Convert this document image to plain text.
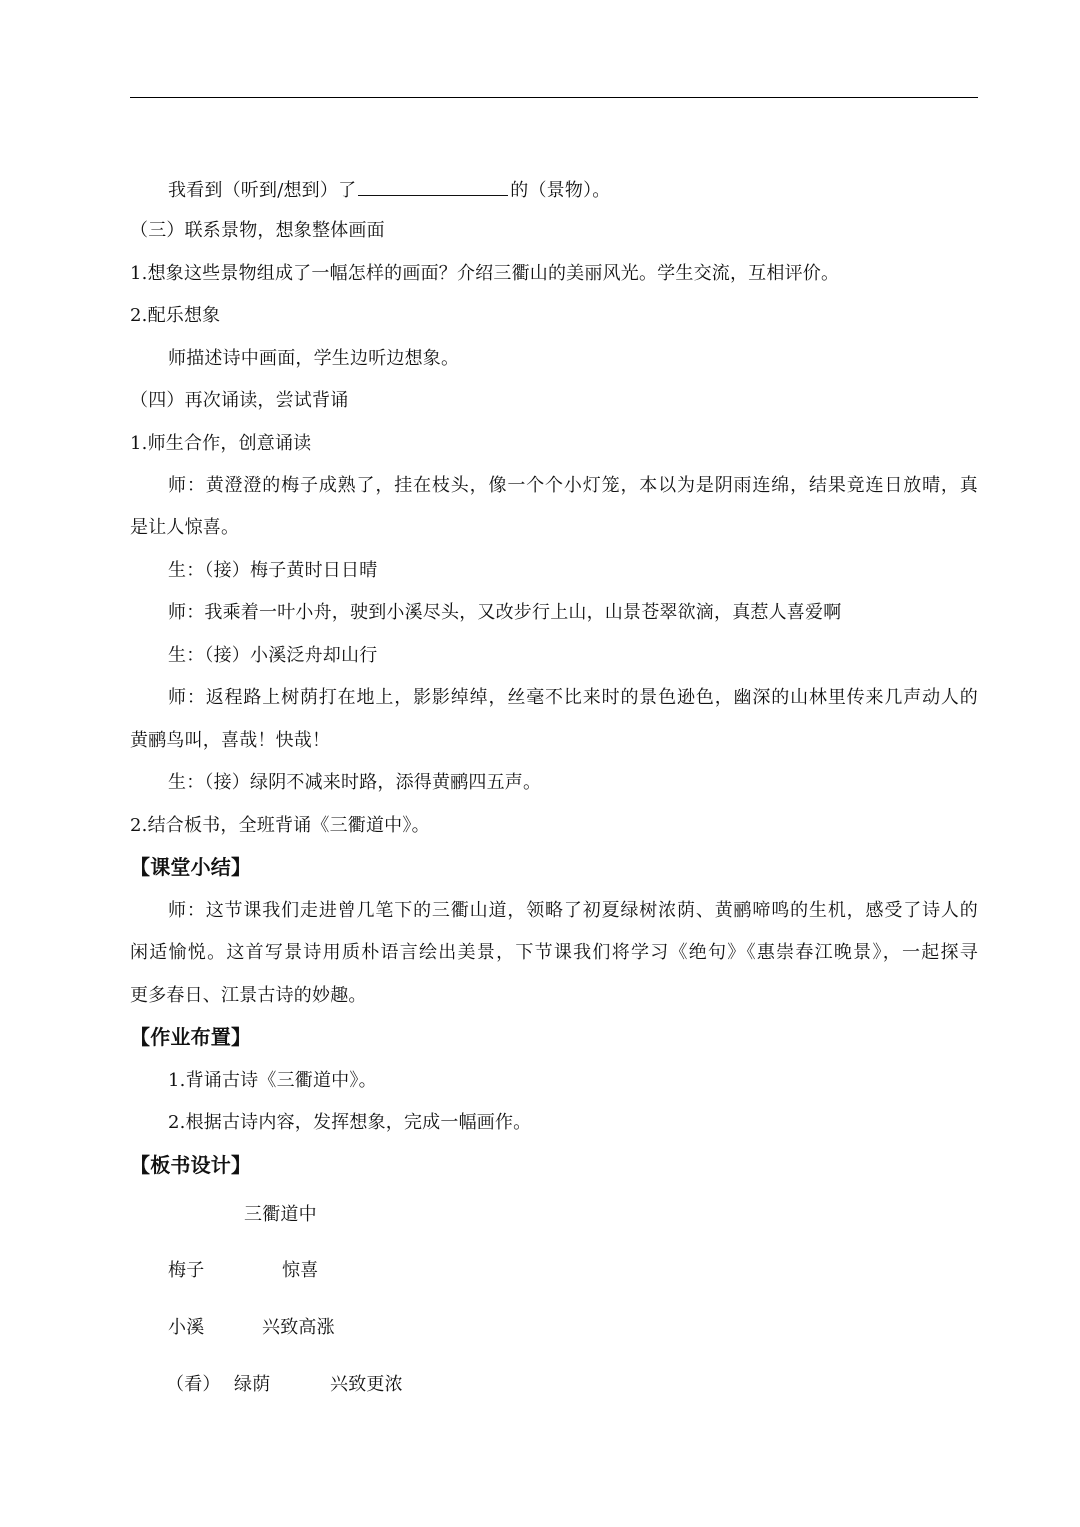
我看到（听到/想到）了	的（景物）。
（三）联系景物，想象整体画面
1.想象这些景物组成了一幅怎样的画面？介绍三衢山的美丽风光。学生交流，互相评价。
2.配乐想象
师描述诗中画面，学生边听边想象。
（四）再次诵读，尝试背诵
1.师生合作，创意诵读
师：黄澄澄的梅子成熟了，挂在枝头，像一个个小灯笼，本以为是阴雨连绵，结果竟连日放晴，真
是让人惊喜。
生：（接）梅子黄时日日晴
师：我乘着一叶小舟，驶到小溪尽头，又改步行上山，山景苍翠欲滴，真惹人喜爱啊
生：（接）小溪泛舟却山行
师：返程路上树荫打在地上，影影绰绰，丝毫不比来时的景色逊色，幽深的山林里传来几声动人的
黄鹂鸟叫，喜哉！快哉！
生：（接）绿阴不减来时路，添得黄鹂四五声。
2.结合板书，全班背诵《三衢道中》。
【课堂小结】
师：这节课我们走进曾几笔下的三衢山道，领略了初夏绿树浓荫、黄鹂啼鸣的生机，感受了诗人的
闲适愉悦。这首写景诗用质朴语言绘出美景，下节课我们将学习《绝句》《惠崇春江晚景》，一起探寻
更多春日、江景古诗的妙趣。
【作业布置】
1.背诵古诗《三衢道中》。
2.根据古诗内容，发挥想象，完成一幅画作。
【板书设计】
三衢道中
梅子	惊喜
小溪	兴致高涨
（看） 绿荫	兴致更浓
